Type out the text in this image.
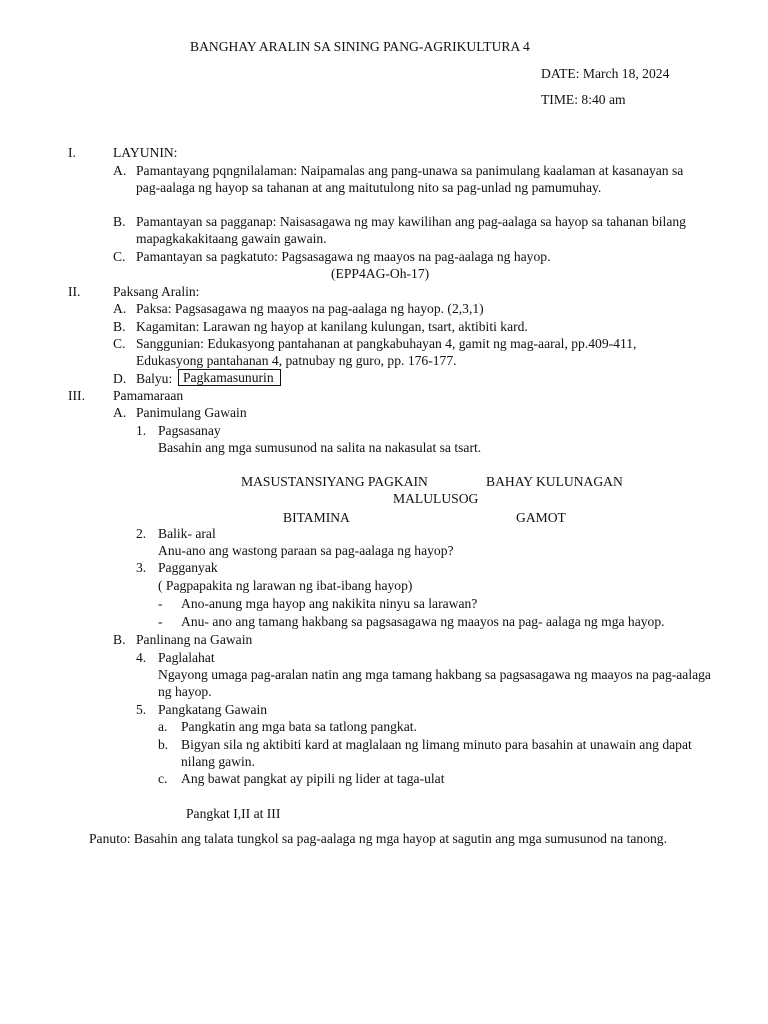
BANGHAY ARALIN SA SINING PANG-AGRIKULTURA 4
DATE: March 18, 2024
TIME: 8:40 am
I.	LAYUNIN:
A. Pamantayang pqngnilalaman: Naipamalas ang pang-unawa sa panimulang kaalaman at kasanayan sa pag-aalaga ng hayop sa tahanan at ang maitutulong nito sa pag-unlad ng pamumuhay.
B. Pamantayan sa pagganap: Naisasagawa ng may kawilihan ang pag-aalaga sa hayop sa tahanan bilang mapagkakakitaang gawain gawain.
C. Pamantayan sa pagkatuto: Pagsasagawa ng maayos na pag-aalaga ng hayop.
(EPP4AG-Oh-17)
II. Paksang Aralin:
A. Paksa: Pagsasagawa ng maayos na pag-aalaga ng hayop. (2,3,1)
B. Kagamitan: Larawan ng hayop at kanilang kulungan, tsart, aktibiti kard.
C. Sanggunian: Edukasyong pantahanan at pangkabuhayan 4, gamit ng mag-aaral, pp.409-411, Edukasyong pantahanan 4, patnubay ng guro, pp. 176-177.
D. Balyu: Pagkamasunurin
III. Pamamaraan
A. Panimulang Gawain
1. Pagsasanay
Basahin ang mga sumusunod na salita na nakasulat sa tsart.
MASUSTANSIYANG PAGKAIN	BAHAY KULUNAGAN
MALULUSOG
BITAMINA	GAMOT
2. Balik- aral
Anu-ano ang wastong paraan sa pag-aalaga ng hayop?
3. Pagganyak
( Pagpapakita ng larawan ng ibat-ibang hayop)
- Ano-anung mga hayop ang nakikita ninyu sa larawan?
- Anu- ano ang tamang hakbang sa pagsasagawa ng maayos na pag- aalaga ng mga hayop.
B. Panlinang na Gawain
4. Paglalahat
Ngayong umaga pag-aralan natin ang mga tamang hakbang sa pagsasagawa ng maayos na pag-aalaga ng hayop.
5. Pangkatang Gawain
a. Pangkatin ang mga bata sa tatlong pangkat.
b. Bigyan sila ng aktibiti kard at maglalaan ng limang minuto para basahin at unawain ang dapat nilang gawin.
c. Ang bawat pangkat ay pipili ng lider at taga-ulat
Pangkat I,II at III
Panuto: Basahin ang talata tungkol sa pag-aalaga ng mga hayop at sagutin ang mga sumusunod na tanong.
